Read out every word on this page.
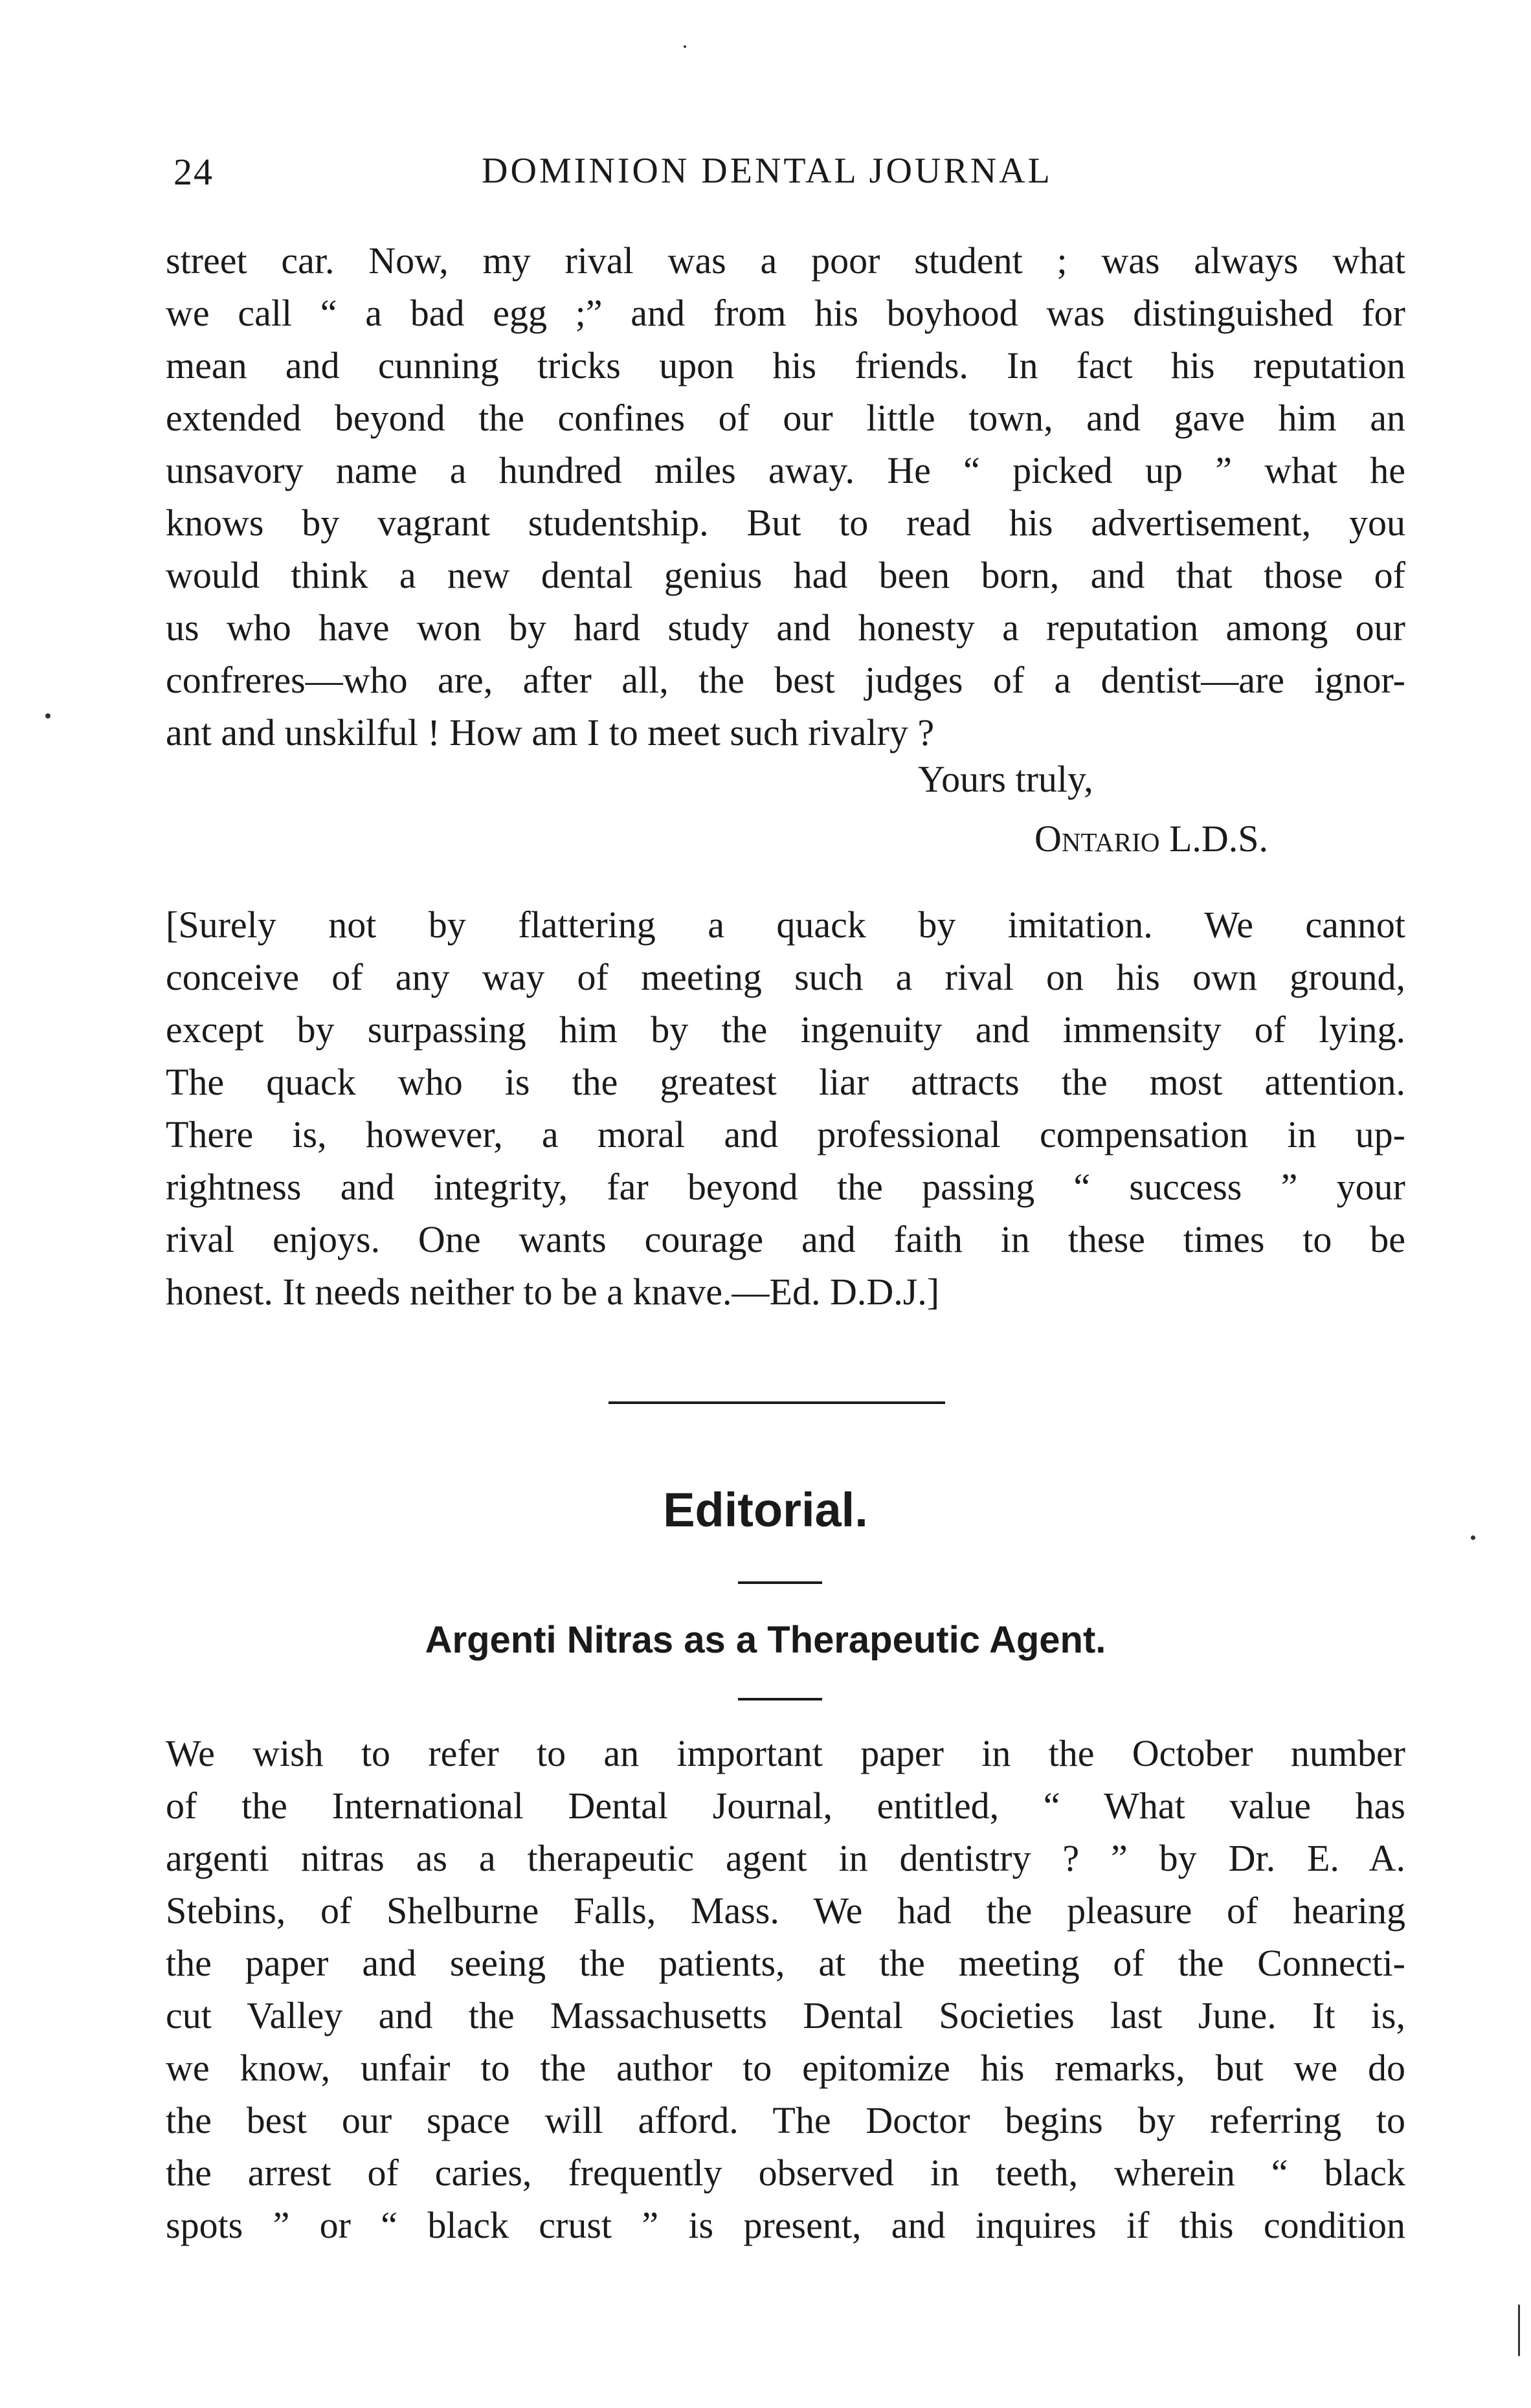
24	DOMINION DENTAL JOURNAL
street car. Now, my rival was a poor student ; was always what
we call “ a bad egg ;” and from his boyhood was distinguished for
mean and cunning tricks upon his friends. In fact his reputation
extended beyond the confines of our little town, and gave him an
unsavory name a hundred miles away. He “ picked up ” what he
knows by vagrant studentship. But to read his advertisement, you
would think a new dental genius had been born, and that those of
us who have won by hard study and honesty a reputation among our
confreres—who are, after all, the best judges of a dentist—are ignor-
ant and unskilful ! How am I to meet such rivalry ?
Yours truly,
Ontario L.D.S.
[Surely not by flattering a quack by imitation. We cannot
conceive of any way of meeting such a rival on his own ground,
except by surpassing him by the ingenuity and immensity of lying.
The quack who is the greatest liar attracts the most attention.
There is, however, a moral and professional compensation in up-
rightness and integrity, far beyond the passing “ success ” your
rival enjoys. One wants courage and faith in these times to be
honest. It needs neither to be a knave.—Ed. D.D.J.]
Editorial.
Argenti Nitras as a Therapeutic Agent.
We wish to refer to an important paper in the October number
of the International Dental Journal, entitled, “ What value has
argenti nitras as a therapeutic agent in dentistry ? ” by Dr. E. A.
Stebins, of Shelburne Falls, Mass. We had the pleasure of hearing
the paper and seeing the patients, at the meeting of the Connecti-
cut Valley and the Massachusetts Dental Societies last June. It is,
we know, unfair to the author to epitomize his remarks, but we do
the best our space will afford. The Doctor begins by referring to
the arrest of caries, frequently observed in teeth, wherein “ black
spots ” or “ black crust ” is present, and inquires if this condition
